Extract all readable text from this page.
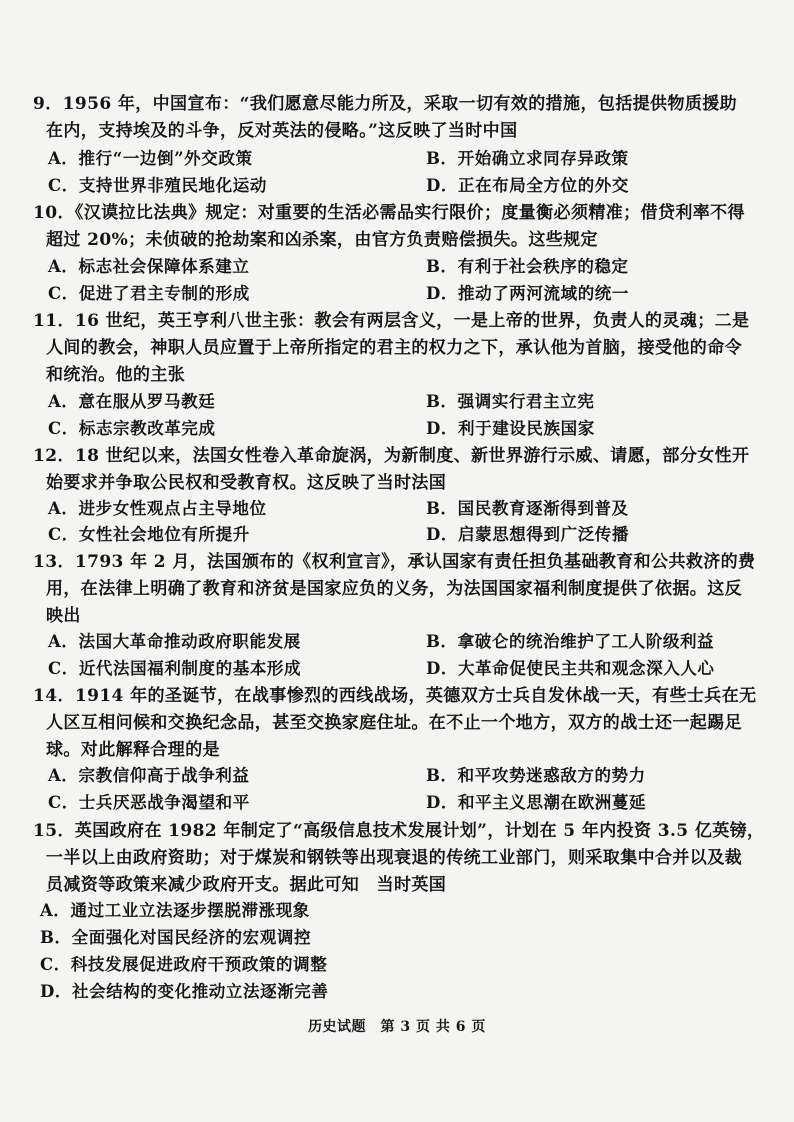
9．1956 年，中国宣布：“我们愿意尽能力所及，采取一切有效的措施，包括提供物质援助
在内，支持埃及的斗争，反对英法的侵略。”这反映了当时中国
A．推行“一边倒”外交政策	B．开始确立求同存异政策
C．支持世界非殖民地化运动	D．正在布局全方位的外交
10．《汉谟拉比法典》规定：对重要的生活必需品实行限价；度量衡必须精准；借贷利率不得
超过 20%；未侦破的抢劫案和凶杀案，由官方负责赔偿损失。这些规定
A．标志社会保障体系建立	B．有利于社会秩序的稳定
C．促进了君主专制的形成	D．推动了两河流域的统一
11．16 世纪，英王亨利八世主张：教会有两层含义，一是上帝的世界，负责人的灵魂；二是
人间的教会，神职人员应置于上帝所指定的君主的权力之下，承认他为首脑，接受他的命令
和统治。他的主张
A．意在服从罗马教廷	B．强调实行君主立宪
C．标志宗教改革完成	D．利于建设民族国家
12．18 世纪以来，法国女性卷入革命旋涡，为新制度、新世界游行示威、请愿，部分女性开
始要求并争取公民权和受教育权。这反映了当时法国
A．进步女性观点占主导地位	B．国民教育逐渐得到普及
C．女性社会地位有所提升	D．启蒙思想得到广泛传播
13．1793 年 2 月，法国颁布的《权利宣言》，承认国家有责任担负基础教育和公共救济的费
用，在法律上明确了教育和济贫是国家应负的义务，为法国国家福利制度提供了依据。这反
映出
A．法国大革命推动政府职能发展	B．拿破仑的统治维护了工人阶级利益
C．近代法国福利制度的基本形成	D．大革命促使民主共和观念深入人心
14．1914 年的圣诞节，在战事惨烈的西线战场，英德双方士兵自发休战一天，有些士兵在无
人区互相问候和交换纪念品，甚至交换家庭住址。在不止一个地方，双方的战士还一起踢足
球。对此解释合理的是
A．宗教信仰高于战争利益	B．和平攻势迷惑敌方的势力
C．士兵厌恶战争渴望和平	D．和平主义思潮在欧洲蔓延
15．英国政府在 1982 年制定了“高级信息技术发展计划”，计划在 5 年内投资 3.5 亿英镑，
一半以上由政府资助；对于煤炭和钢铁等出现衰退的传统工业部门，则采取集中合并以及裁
员减资等政策来减少政府开支。据此可知　当时英国
A．通过工业立法逐步摆脱滞涨现象
B．全面强化对国民经济的宏观调控
C．科技发展促进政府干预政策的调整
D．社会结构的变化推动立法逐渐完善
历史试题　第 3 页 共 6 页
